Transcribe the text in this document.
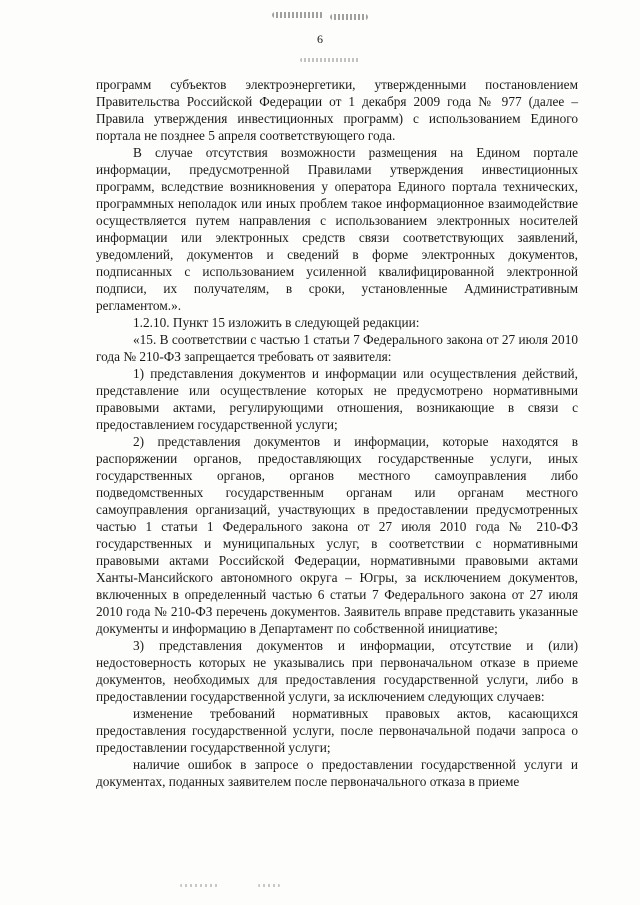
6

программ субъектов электроэнергетики, утвержденными постановлением Правительства Российской Федерации от 1 декабря 2009 года № 977 (далее – Правила утверждения инвестиционных программ) с использованием Единого портала не позднее 5 апреля соответствующего года.

В случае отсутствия возможности размещения на Едином портале информации, предусмотренной Правилами утверждения инвестиционных программ, вследствие возникновения у оператора Единого портала технических, программных неполадок или иных проблем такое информационное взаимодействие осуществляется путем направления с использованием электронных носителей информации или электронных средств связи соответствующих заявлений, уведомлений, документов и сведений в форме электронных документов, подписанных с использованием усиленной квалифицированной электронной подписи, их получателям, в сроки, установленные Административным регламентом.».

1.2.10. Пункт 15 изложить в следующей редакции:

«15. В соответствии с частью 1 статьи 7 Федерального закона от 27 июля 2010 года № 210-ФЗ запрещается требовать от заявителя:

1) представления документов и информации или осуществления действий, представление или осуществление которых не предусмотрено нормативными правовыми актами, регулирующими отношения, возникающие в связи с предоставлением государственной услуги;

2) представления документов и информации, которые находятся в распоряжении органов, предоставляющих государственные услуги, иных государственных органов, органов местного самоуправления либо подведомственных государственным органам или органам местного самоуправления организаций, участвующих в предоставлении предусмотренных частью 1 статьи 1 Федерального закона от 27 июля 2010 года № 210-ФЗ государственных и муниципальных услуг, в соответствии с нормативными правовыми актами Российской Федерации, нормативными правовыми актами Ханты-Мансийского автономного округа – Югры, за исключением документов, включенных в определенный частью 6 статьи 7 Федерального закона от 27 июля 2010 года № 210-ФЗ перечень документов. Заявитель вправе представить указанные документы и информацию в Департамент по собственной инициативе;

3) представления документов и информации, отсутствие и (или) недостоверность которых не указывались при первоначальном отказе в приеме документов, необходимых для предоставления государственной услуги, либо в предоставлении государственной услуги, за исключением следующих случаев:

изменение требований нормативных правовых актов, касающихся предоставления государственной услуги, после первоначальной подачи запроса о предоставлении государственной услуги;

наличие ошибок в запросе о предоставлении государственной услуги и документах, поданных заявителем после первоначального отказа в приеме
